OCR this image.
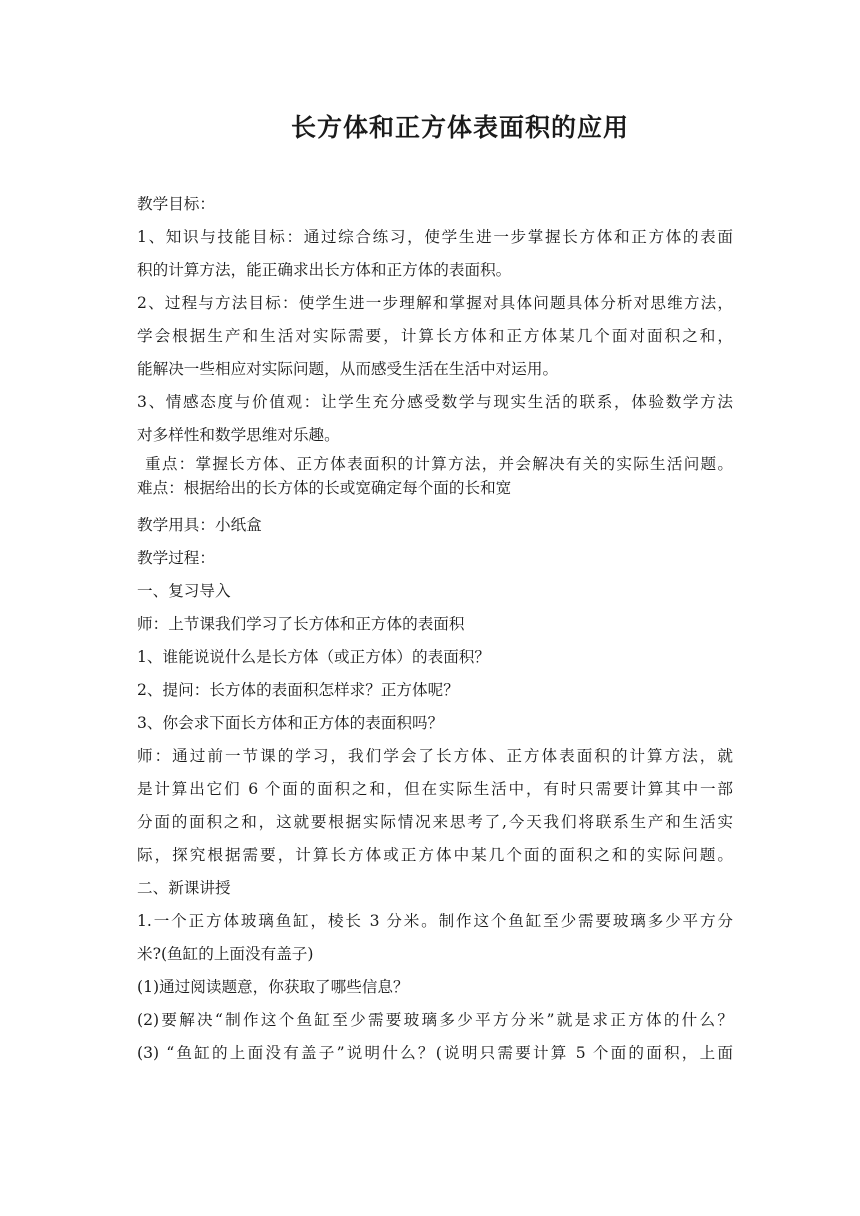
长方体和正方体表面积的应用
教学目标：
1、知识与技能目标：通过综合练习，使学生进一步掌握长方体和正方体的表面
积的计算方法，能正确求出长方体和正方体的表面积。
2、过程与方法目标：使学生进一步理解和掌握对具体问题具体分析对思维方法，
学会根据生产和生活对实际需要，计算长方体和正方体某几个面对面积之和，
能解决一些相应对实际问题，从而感受生活在生活中对运用。
3、情感态度与价值观：让学生充分感受数学与现实生活的联系，体验数学方法
对多样性和数学思维对乐趣。
重点：掌握长方体、正方体表面积的计算方法，并会解决有关的实际生活问题。
难点：根据给出的长方体的长或宽确定每个面的长和宽
教学用具：小纸盒
教学过程：
一、复习导入
师：上节课我们学习了长方体和正方体的表面积
1、谁能说说什么是长方体（或正方体）的表面积？
2、提问：长方体的表面积怎样求？正方体呢？
3、你会求下面长方体和正方体的表面积吗？
师：通过前一节课的学习，我们学会了长方体、正方体表面积的计算方法，就
是计算出它们 6 个面的面积之和，但在实际生活中，有时只需要计算其中一部
分面的面积之和，这就要根据实际情况来思考了,今天我们将联系生产和生活实
际，探究根据需要，计算长方体或正方体中某几个面的面积之和的实际问题。
二、新课讲授
1.一个正方体玻璃鱼缸，棱长 3 分米。制作这个鱼缸至少需要玻璃多少平方分
米?(鱼缸的上面没有盖子)
(1)通过阅读题意，你获取了哪些信息？
(2)要解决“制作这个鱼缸至少需要玻璃多少平方分米”就是求正方体的什么？
(3) “鱼缸的上面没有盖子”说明什么？(说明只需要计算 5 个面的面积，上面
